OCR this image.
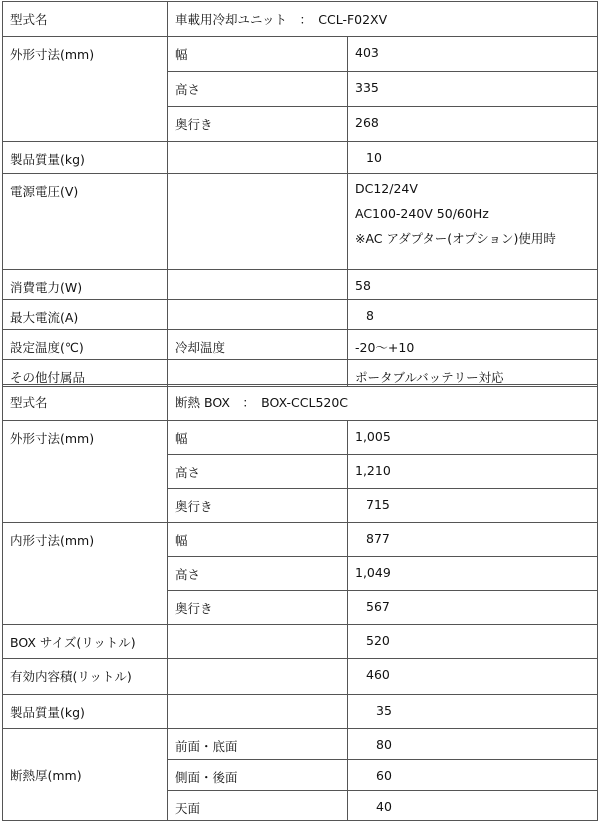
型式名	車載用冷却ユニット　：　CCL-F02XV	
外形寸法(mm)	幅	403
	高さ	335
	奥行き	268
製品質量(kg)		10
電源電圧(V)		DC12/24V
AC100-240V 50/60Hz
※AC アダプター(オプション)使用時

消費電力(W)		58
最大電流(A)		8
設定温度(℃)	冷却温度	-20～+10
その他付属品		ポータブルバッテリー対応
型式名	断熱 BOX　：　BOX-CCL520C	
外形寸法(mm)	幅	1,005
	高さ	1,210
	奥行き	715
内形寸法(mm)	幅	877
	高さ	1,049
	奥行き	567
BOX サイズ(リットル)		520
有効内容積(リットル)		460
製品質量(kg)		35
断熱厚(mm)	前面・底面	80
	側面・後面	60
	天面	40
